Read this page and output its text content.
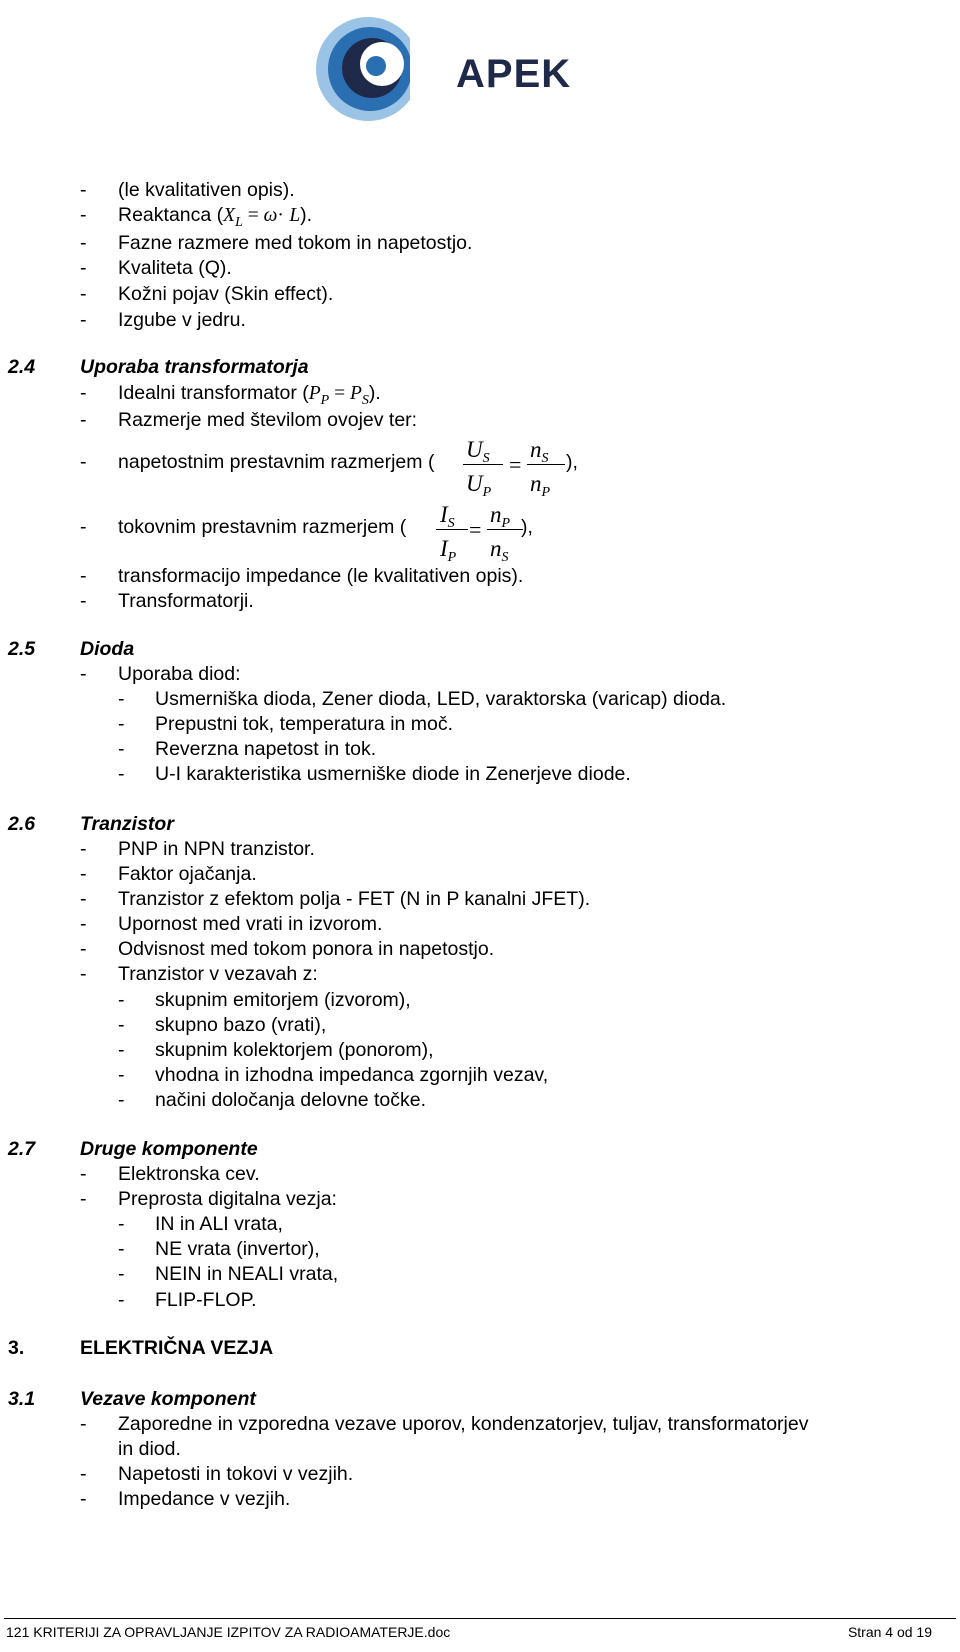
APEK
- (le kvalitativen opis).
- Reaktanca $(X_L = \omega\cdot L)$.
- Fazne razmere med tokom in napetostjo.
- Kvaliteta (Q).
- Kožni pojav (Skin effect).
- Izgube v jedru.
2.4 Uporaba transformatorja
- Idealni transformator $(P_P = P_S)$.
- Razmerje med številom ovojev ter:
- napetostnim prestavnim razmerjem ( $U_S$
$U_P$
=
$n_S$
$n_P$
),
- tokovnim prestavnim razmerjem ( $I_S$
$I_P$
=
$n_P$
$n_S$
),
- transformacijo impedance (le kvalitativen opis).
- Transformatorji.
2.5 Dioda
- Uporaba diod:
- Usmerniška dioda, Zener dioda, LED, varaktorska (varicap) dioda.
- Prepustni tok, temperatura in moč.
- Reverzna napetost in tok.
- U-I karakteristika usmerniške diode in Zenerjeve diode.
2.6 Tranzistor
- PNP in NPN tranzistor.
- Faktor ojačanja.
- Tranzistor z efektom polja - FET (N in P kanalni JFET).
- Upornost med vrati in izvorom.
- Odvisnost med tokom ponora in napetostjo.
- Tranzistor v vezavah z:
- skupnim emitorjem (izvorom),
- skupno bazo (vrati),
- skupnim kolektorjem (ponorom),
- vhodna in izhodna impedanca zgornjih vezav,
- načini določanja delovne točke.
2.7 Druge komponente
- Elektronska cev.
- Preprosta digitalna vezja:
- IN in ALI vrata,
- NE vrata (invertor),
- NEIN in NEALI vrata,
- FLIP-FLOP.
3.	ELEKTRIČNA VEZJA
3.1 Vezave komponent
- Zaporedne in vzporedna vezave uporov, kondenzatorjev, tuljav, transformatorjev
in diod.
- Napetosti in tokovi v vezjih.
- Impedance v vezjih.
121 KRITERIJI ZA OPRAVLJANJE IZPITOV ZA RADIOAMATERJE.doc	Stran 4 od 19
